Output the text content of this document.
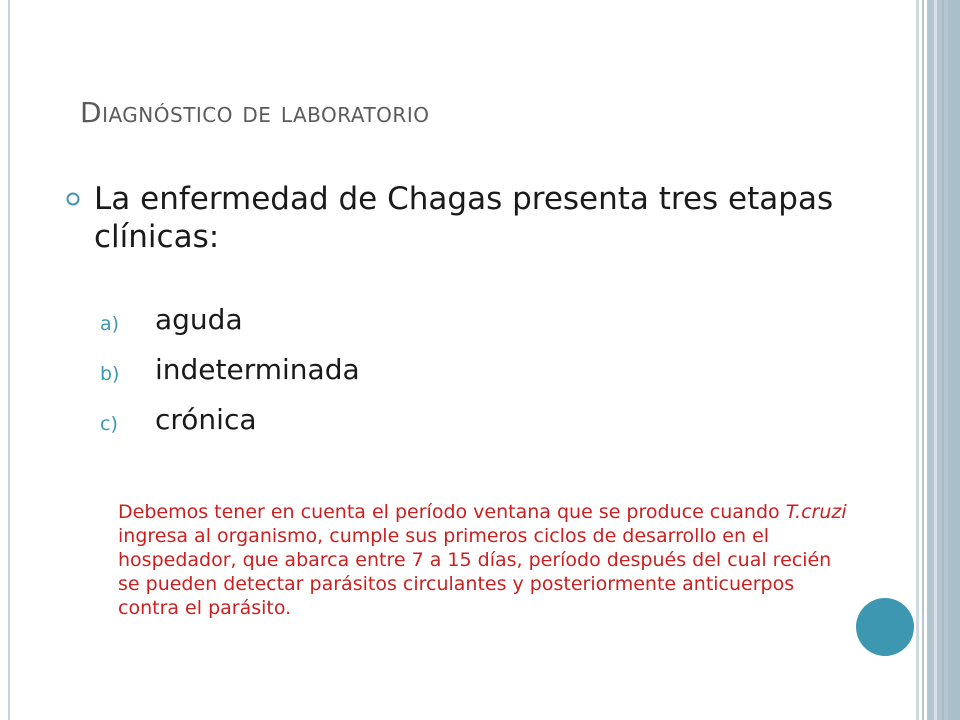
Diagnóstico de laboratorio

La enfermedad de Chagas presenta tres etapas clínicas:

a) aguda
b) indeterminada
c) crónica

Debemos tener en cuenta el período ventana que se produce cuando T.cruzi ingresa al organismo, cumple sus primeros ciclos de desarrollo en el hospedador, que abarca entre 7 a 15 días, período después del cual recién se pueden detectar parásitos circulantes y posteriormente anticuerpos contra el parásito.
